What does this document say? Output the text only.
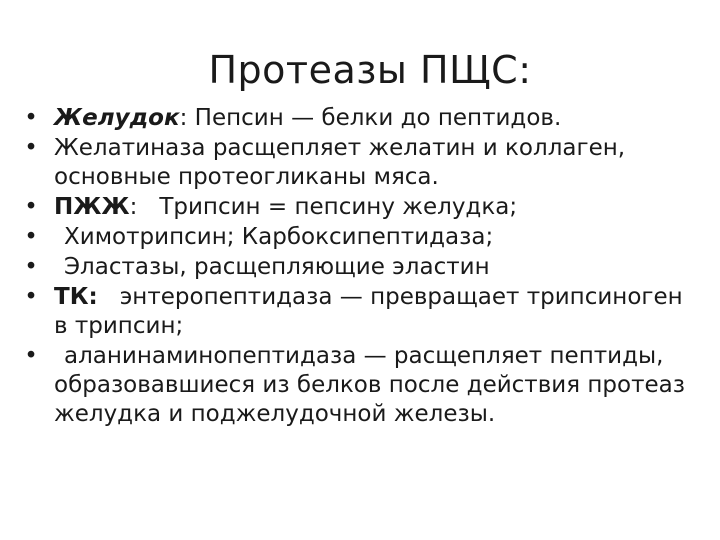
Протеазы ПЩС:
• Желудок: Пепсин — белки до пептидов.
• Желатиназа расщепляет желатин и коллаген, основные протеогликаны мяса.
• ПЖЖ: Трипсин = пепсину желудка;
• Химотрипсин; Карбоксипептидаза;
• Эластазы, расщепляющие эластин
• ТК: энтеропептидаза — превращает трипсиноген в трипсин;
• аланинаминопептидаза — расщепляет пептиды, образовавшиеся из белков после действия протеаз желудка и поджелудочной железы.
